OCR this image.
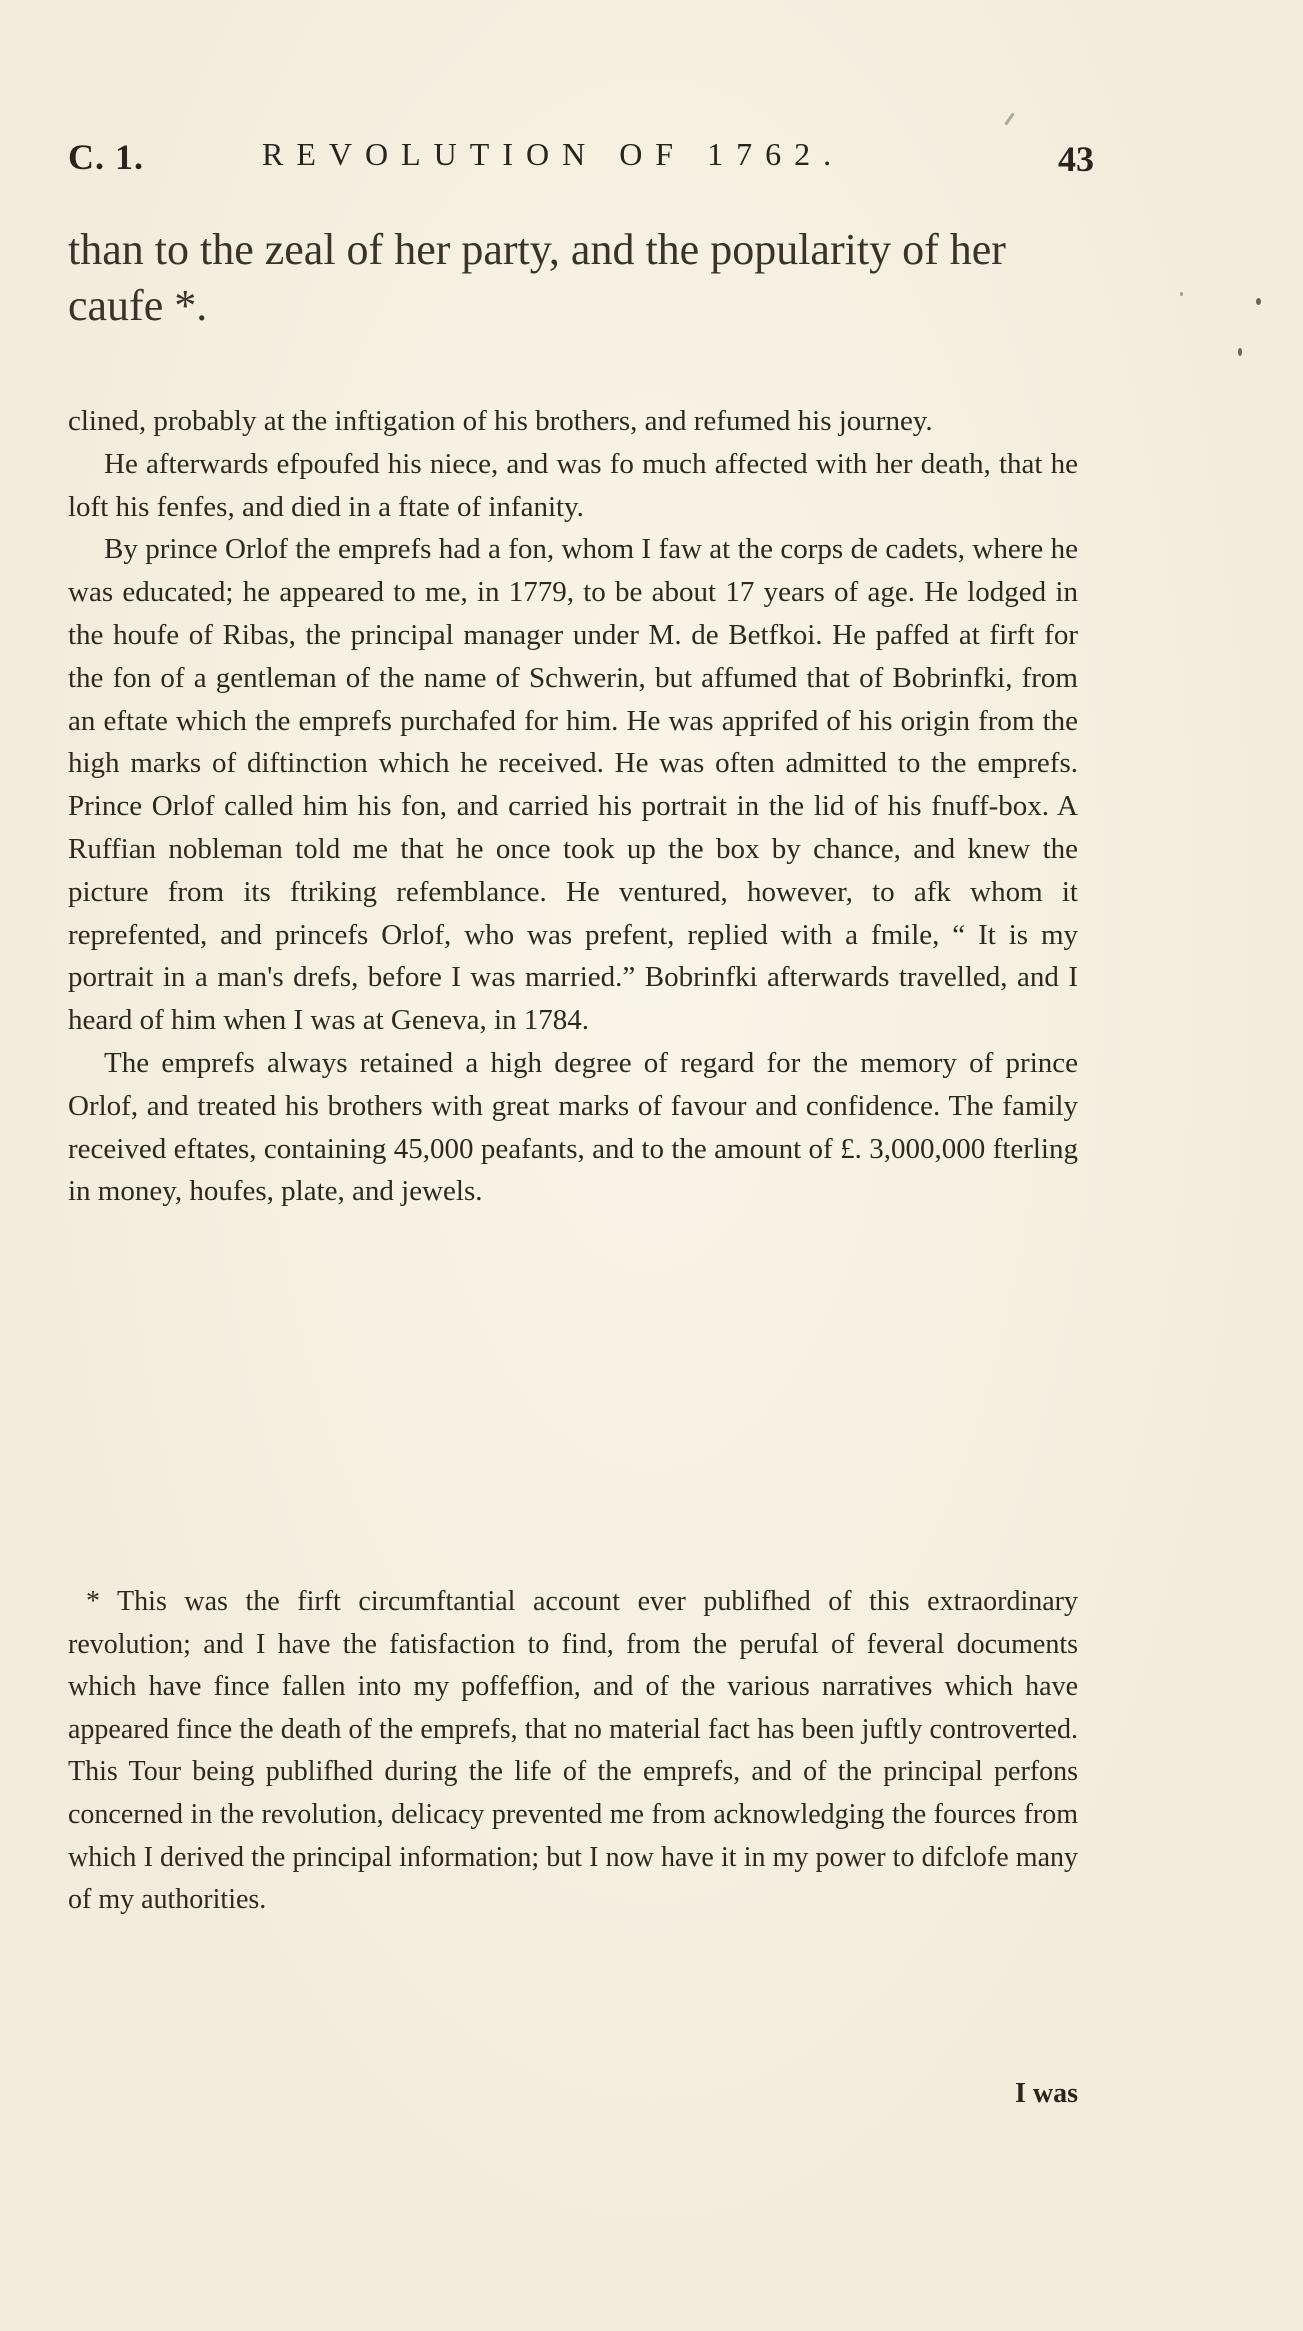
C. 1.	REVOLUTION OF 1762.	43

than to the zeal of her party, and the popularity of her caufe *.

clined, probably at the inftigation of his brothers, and refumed his journey.

He afterwards efpoufed his niece, and was fo much affected with her death, that he loft his fenfes, and died in a ftate of infanity.

By prince Orlof the emprefs had a fon, whom I faw at the corps de cadets, where he was educated; he appeared to me, in 1779, to be about 17 years of age. He lodged in the houfe of Ribas, the principal manager under M. de Betfkoi. He paffed at firft for the fon of a gentleman of the name of Schwerin, but affumed that of Bobrinfki, from an eftate which the emprefs purchafed for him. He was apprifed of his origin from the high marks of diftinction which he received. He was often admitted to the emprefs. Prince Orlof called him his fon, and carried his portrait in the lid of his fnuff-box. A Ruffian nobleman told me that he once took up the box by chance, and knew the picture from its ftriking refemblance. He ventured, however, to afk whom it reprefented, and princefs Orlof, who was prefent, replied with a fmile, “ It is my portrait in a man's drefs, before I was married.” Bobrinfki afterwards travelled, and I heard of him when I was at Geneva, in 1784.

The emprefs always retained a high degree of regard for the memory of prince Orlof, and treated his brothers with great marks of favour and confidence. The family received eftates, containing 45,000 peafants, and to the amount of £. 3,000,000 fterling in money, houfes, plate, and jewels.

* This was the firft circumftantial account ever publifhed of this extraordinary revolution; and I have the fatisfaction to find, from the perufal of feveral documents which have fince fallen into my poffeffion, and of the various narratives which have appeared fince the death of the emprefs, that no material fact has been juftly controverted. This Tour being publifhed during the life of the emprefs, and of the principal perfons concerned in the revolution, delicacy prevented me from acknowledging the fources from which I derived the principal information; but I now have it in my power to difclofe many of my authorities.

I was
